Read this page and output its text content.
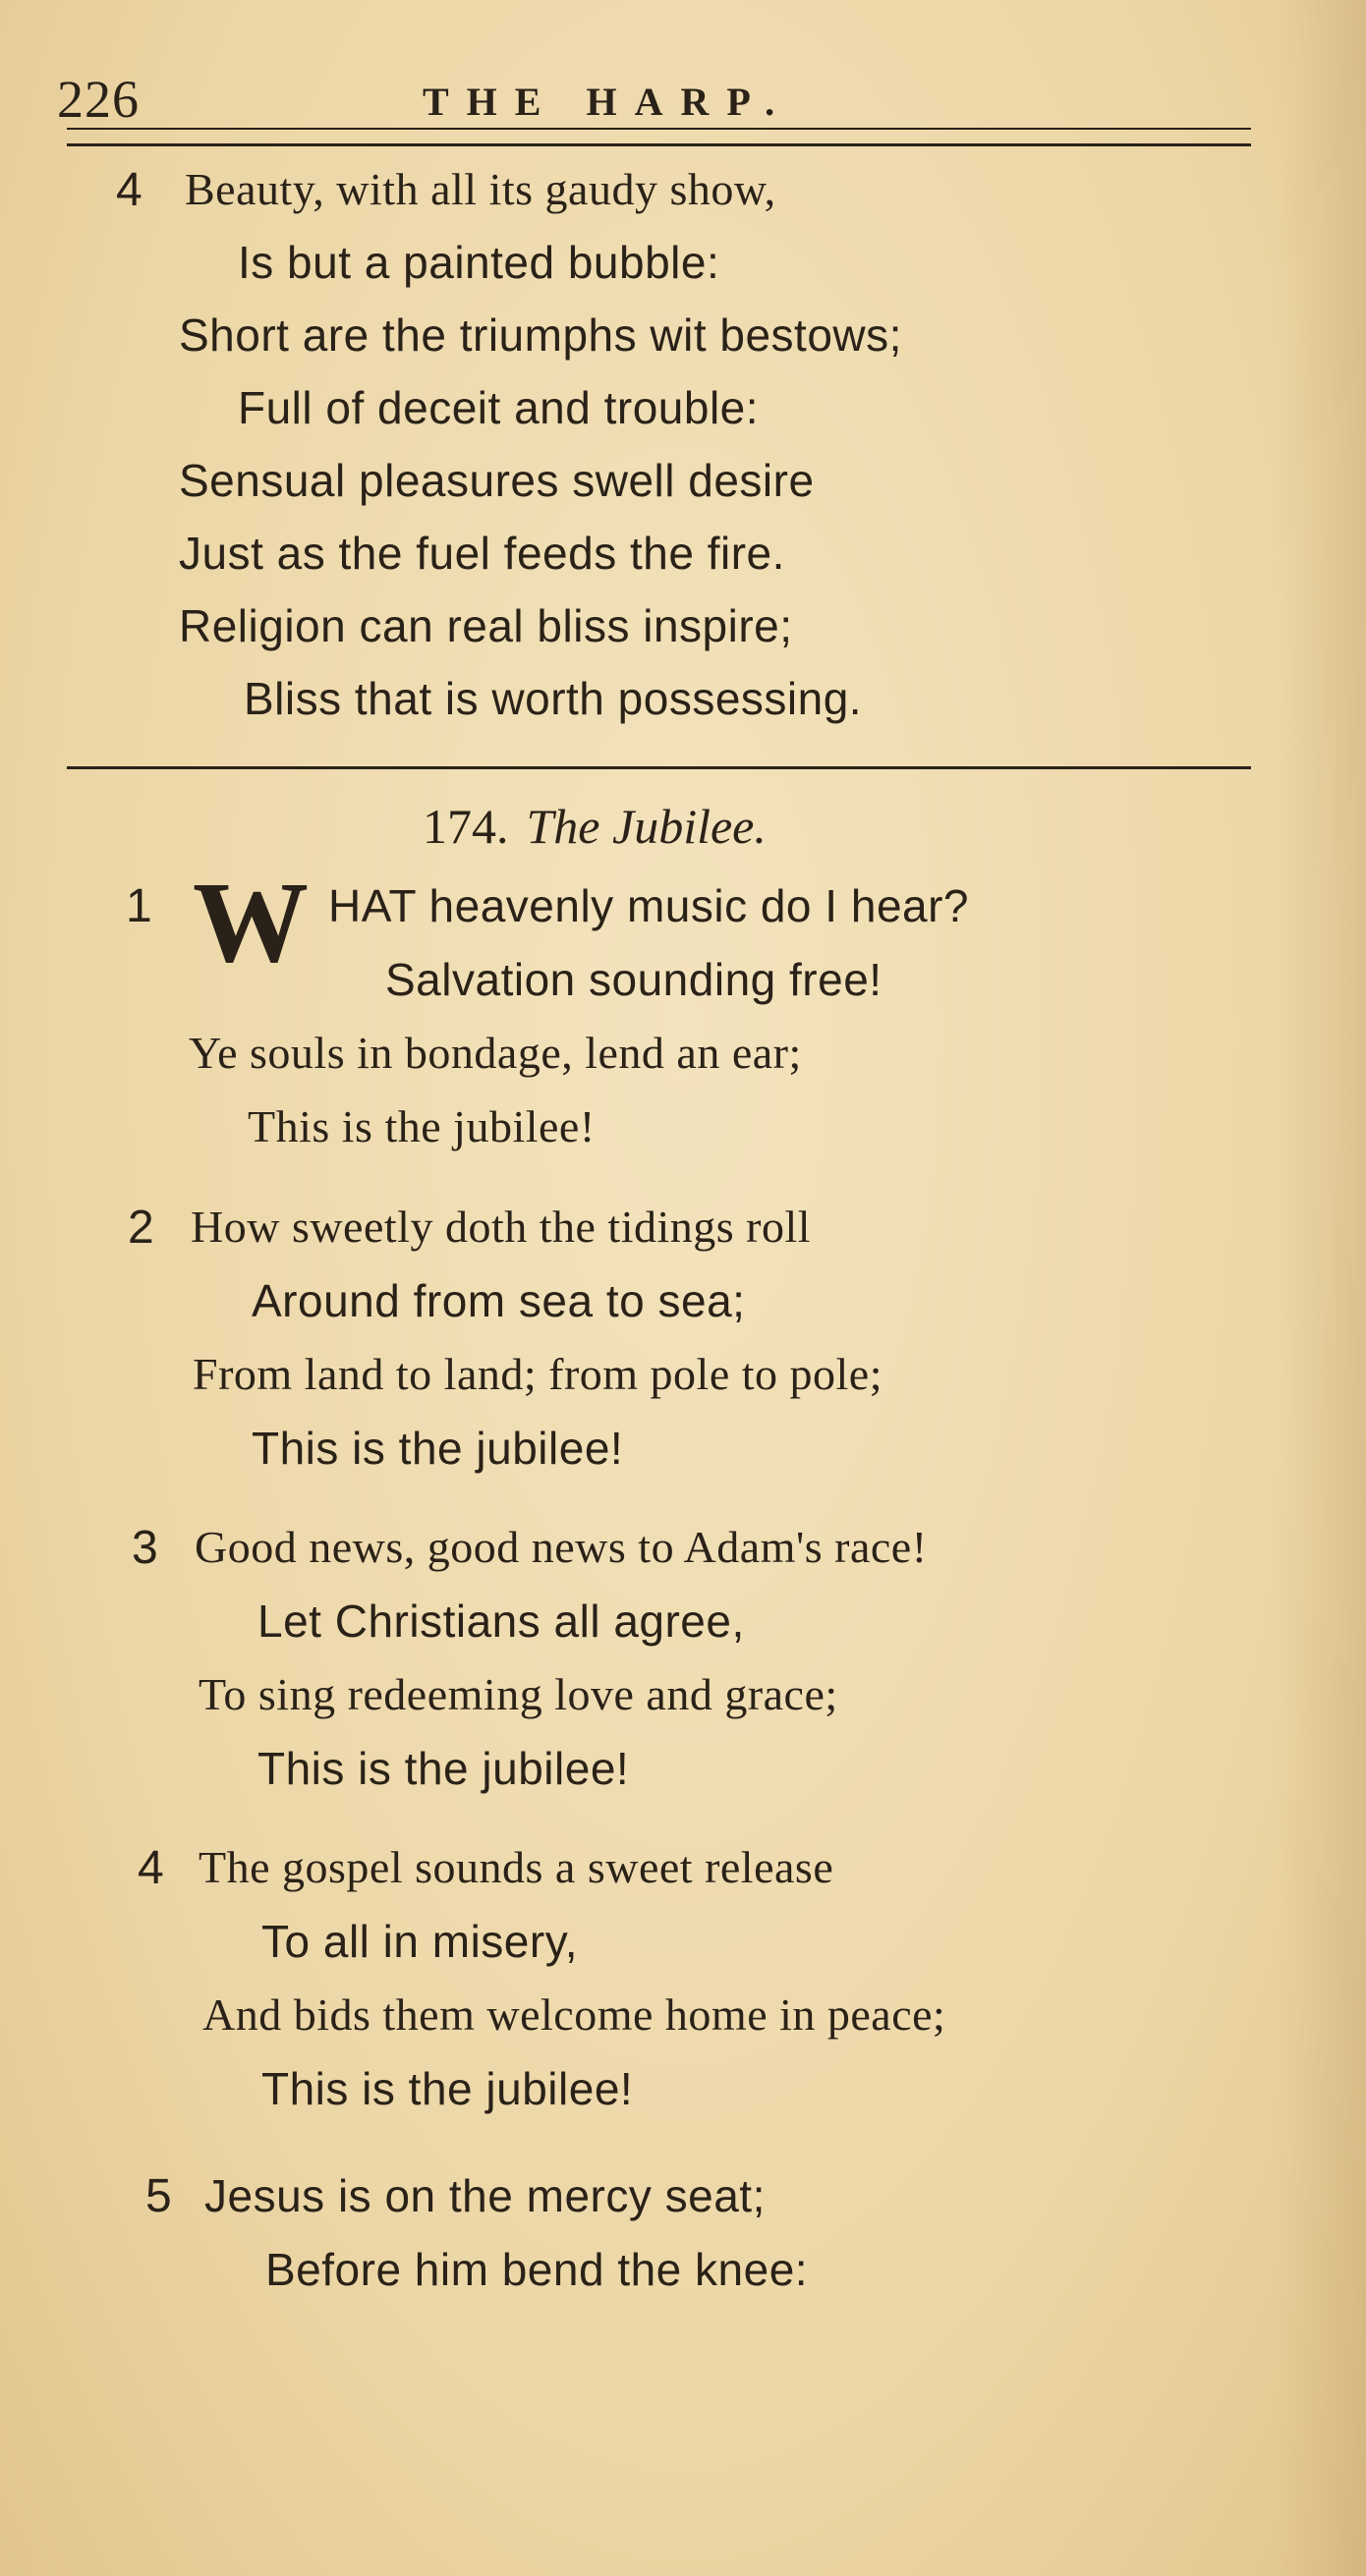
226	THE HARP.
4 Beauty, with all its gaudy show,
Is but a painted bubble:
Short are the triumphs wit bestows;
Full of deceit and trouble:
Sensual pleasures swell desire
Just as the fuel feeds the fire.
Religion can real bliss inspire;
Bliss that is worth possessing.
174. The Jubilee.
1 W HAT heavenly music do I hear?
Salvation sounding free!
Ye souls in bondage, lend an ear;
This is the jubilee!
2 How sweetly doth the tidings roll
Around from sea to sea;
From land to land; from pole to pole;
This is the jubilee!
3 Good news, good news to Adam's race!
Let Christians all agree,
To sing redeeming love and grace;
This is the jubilee!
4 The gospel sounds a sweet release
To all in misery,
And bids them welcome home in peace;
This is the jubilee!
5 Jesus is on the mercy seat;
Before him bend the knee:
